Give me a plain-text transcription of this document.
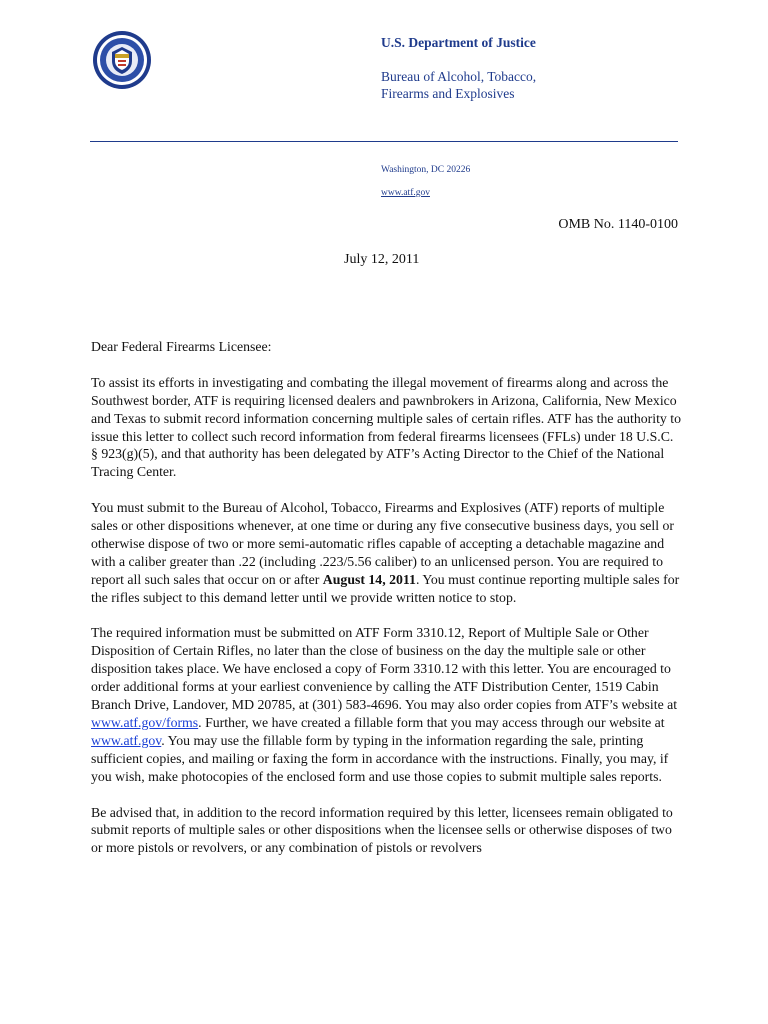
U.S. Department of Justice
Bureau of Alcohol, Tobacco,
Firearms and Explosives
Washington, DC 20226
www.atf.gov
OMB No. 1140-0100
July 12, 2011

Dear Federal Firearms Licensee:

To assist its efforts in investigating and combating the illegal movement of firearms along and across the Southwest border, ATF is requiring licensed dealers and pawnbrokers in Arizona, California, New Mexico and Texas to submit record information concerning multiple sales of certain rifles. ATF has the authority to issue this letter to collect such record information from federal firearms licensees (FFLs) under 18 U.S.C. § 923(g)(5), and that authority has been delegated by ATF’s Acting Director to the Chief of the National Tracing Center.

You must submit to the Bureau of Alcohol, Tobacco, Firearms and Explosives (ATF) reports of multiple sales or other dispositions whenever, at one time or during any five consecutive business days, you sell or otherwise dispose of two or more semi-automatic rifles capable of accepting a detachable magazine and with a caliber greater than .22 (including .223/5.56 caliber) to an unlicensed person. You are required to report all such sales that occur on or after August 14, 2011. You must continue reporting multiple sales for the rifles subject to this demand letter until we provide written notice to stop.

The required information must be submitted on ATF Form 3310.12, Report of Multiple Sale or Other Disposition of Certain Rifles, no later than the close of business on the day the multiple sale or other disposition takes place. We have enclosed a copy of Form 3310.12 with this letter. You are encouraged to order additional forms at your earliest convenience by calling the ATF Distribution Center, 1519 Cabin Branch Drive, Landover, MD 20785, at (301) 583-4696. You may also order copies from ATF’s website at www.atf.gov/forms. Further, we have created a fillable form that you may access through our website at www.atf.gov. You may use the fillable form by typing in the information regarding the sale, printing sufficient copies, and mailing or faxing the form in accordance with the instructions. Finally, you may, if you wish, make photocopies of the enclosed form and use those copies to submit multiple sales reports.

Be advised that, in addition to the record information required by this letter, licensees remain obligated to submit reports of multiple sales or other dispositions when the licensee sells or otherwise disposes of two or more pistols or revolvers, or any combination of pistols or revolvers
